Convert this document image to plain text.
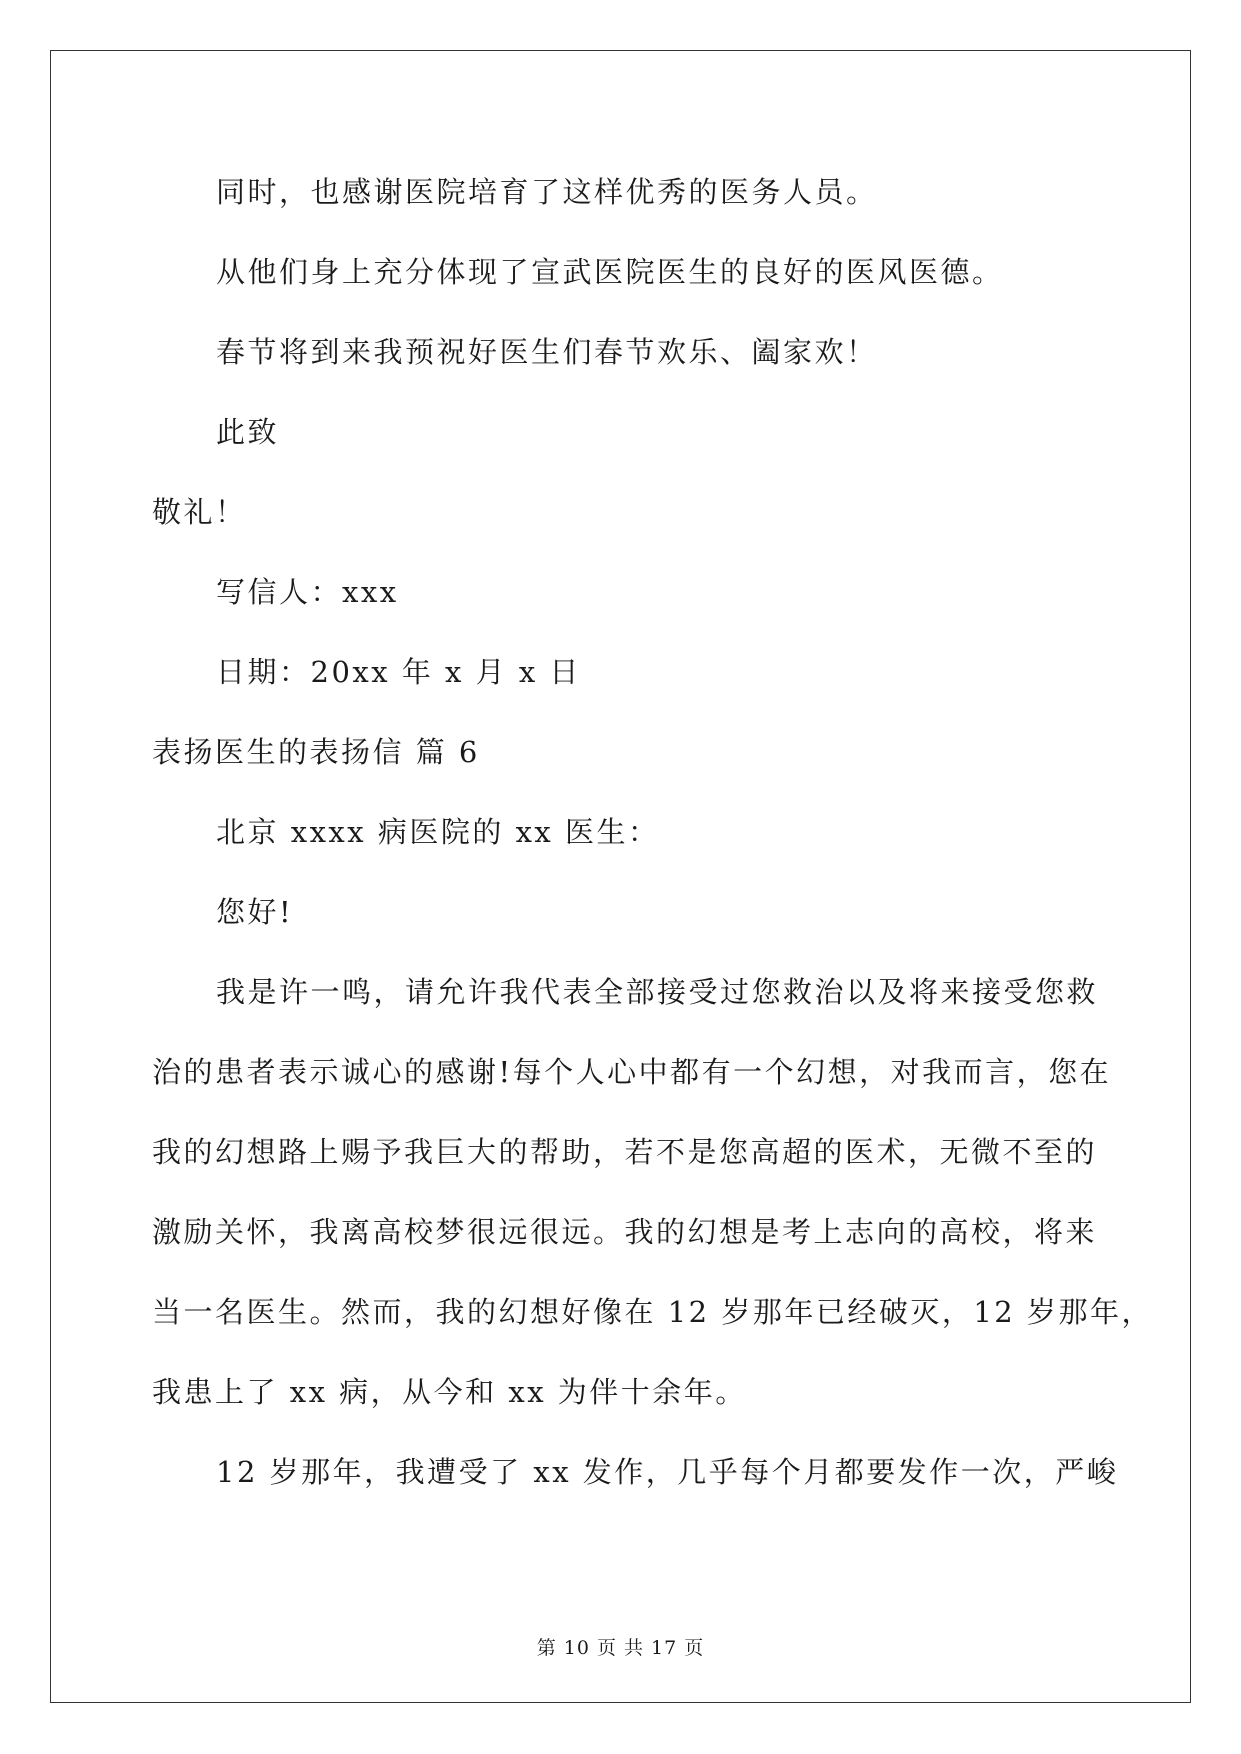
同时，也感谢医院培育了这样优秀的医务人员。
从他们身上充分体现了宣武医院医生的良好的医风医德。
春节将到来我预祝好医生们春节欢乐、阖家欢！
此致
敬礼！
写信人：xxx
日期：20xx 年 x 月 x 日
表扬医生的表扬信 篇 6
北京 xxxx 病医院的 xx 医生：
您好!
我是许一鸣，请允许我代表全部接受过您救治以及将来接受您救
治的患者表示诚心的感谢!每个人心中都有一个幻想，对我而言，您在
我的幻想路上赐予我巨大的帮助，若不是您高超的医术，无微不至的
激励关怀，我离高校梦很远很远。我的幻想是考上志向的高校，将来
当一名医生。然而，我的幻想好像在 12 岁那年已经破灭，12 岁那年，
我患上了 xx 病，从今和 xx 为伴十余年。
12 岁那年，我遭受了 xx 发作，几乎每个月都要发作一次，严峻
第 10 页 共 17 页
